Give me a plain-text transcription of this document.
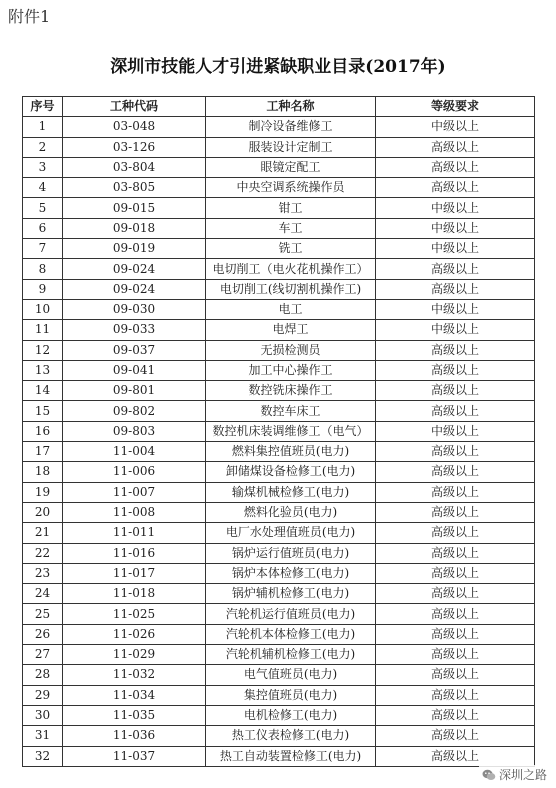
附件1
深圳市技能人才引进紧缺职业目录(2017年)
序号	工种代码	工种名称	等级要求
1	03-048	制冷设备维修工	中级以上
2	03-126	服装设计定制工	高级以上
3	03-804	眼镜定配工	高级以上
4	03-805	中央空调系统操作员	高级以上
5	09-015	钳工	中级以上
6	09-018	车工	中级以上
7	09-019	铣工	中级以上
8	09-024	电切削工（电火花机操作工）	高级以上
9	09-024	电切削工(线切割机操作工)	高级以上
10	09-030	电工	中级以上
11	09-033	电焊工	中级以上
12	09-037	无损检测员	高级以上
13	09-041	加工中心操作工	高级以上
14	09-801	数控铣床操作工	高级以上
15	09-802	数控车床工	高级以上
16	09-803	数控机床装调维修工（电气）	中级以上
17	11-004	燃料集控值班员(电力)	高级以上
18	11-006	卸储煤设备检修工(电力)	高级以上
19	11-007	输煤机械检修工(电力)	高级以上
20	11-008	燃料化验员(电力)	高级以上
21	11-011	电厂水处理值班员(电力)	高级以上
22	11-016	锅炉运行值班员(电力)	高级以上
23	11-017	锅炉本体检修工(电力)	高级以上
24	11-018	锅炉辅机检修工(电力)	高级以上
25	11-025	汽轮机运行值班员(电力)	高级以上
26	11-026	汽轮机本体检修工(电力)	高级以上
27	11-029	汽轮机辅机检修工(电力)	高级以上
28	11-032	电气值班员(电力)	高级以上
29	11-034	集控值班员(电力)	高级以上
30	11-035	电机检修工(电力)	高级以上
31	11-036	热工仪表检修工(电力)	高级以上
32	11-037	热工自动装置检修工(电力)	高级以上
深圳之路
